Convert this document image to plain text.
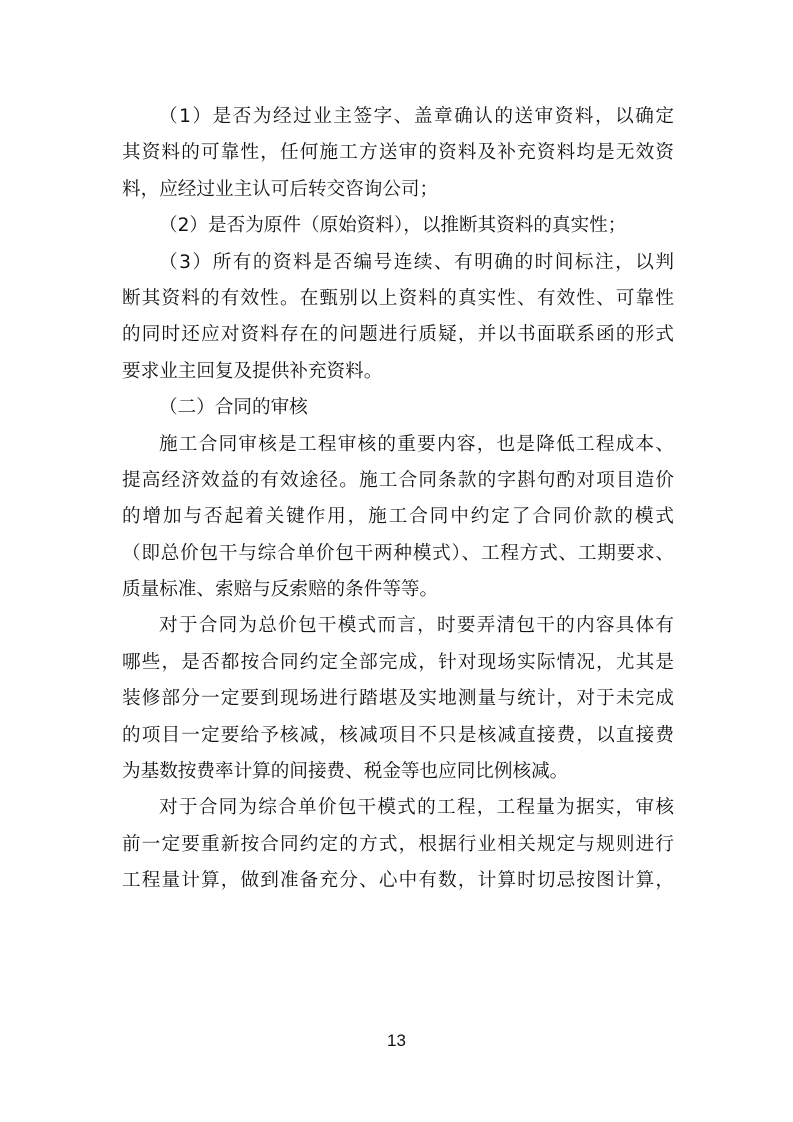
（1）是否为经过业主签字、盖章确认的送审资料，以确定
其资料的可靠性，任何施工方送审的资料及补充资料均是无效资
料，应经过业主认可后转交咨询公司；
（2）是否为原件（原始资料），以推断其资料的真实性；
（3）所有的资料是否编号连续、有明确的时间标注，以判
断其资料的有效性。在甄别以上资料的真实性、有效性、可靠性
的同时还应对资料存在的问题进行质疑，并以书面联系函的形式
要求业主回复及提供补充资料。
（二）合同的审核
施工合同审核是工程审核的重要内容，也是降低工程成本、
提高经济效益的有效途径。施工合同条款的字斟句酌对项目造价
的增加与否起着关键作用，施工合同中约定了合同价款的模式
（即总价包干与综合单价包干两种模式）、工程方式、工期要求、
质量标准、索赔与反索赔的条件等等。
对于合同为总价包干模式而言，时要弄清包干的内容具体有
哪些，是否都按合同约定全部完成，针对现场实际情况，尤其是
装修部分一定要到现场进行踏堪及实地测量与统计，对于未完成
的项目一定要给予核减，核减项目不只是核减直接费，以直接费
为基数按费率计算的间接费、税金等也应同比例核减。
对于合同为综合单价包干模式的工程，工程量为据实，审核
前一定要重新按合同约定的方式，根据行业相关规定与规则进行
工程量计算，做到准备充分、心中有数，计算时切忌按图计算，
13
